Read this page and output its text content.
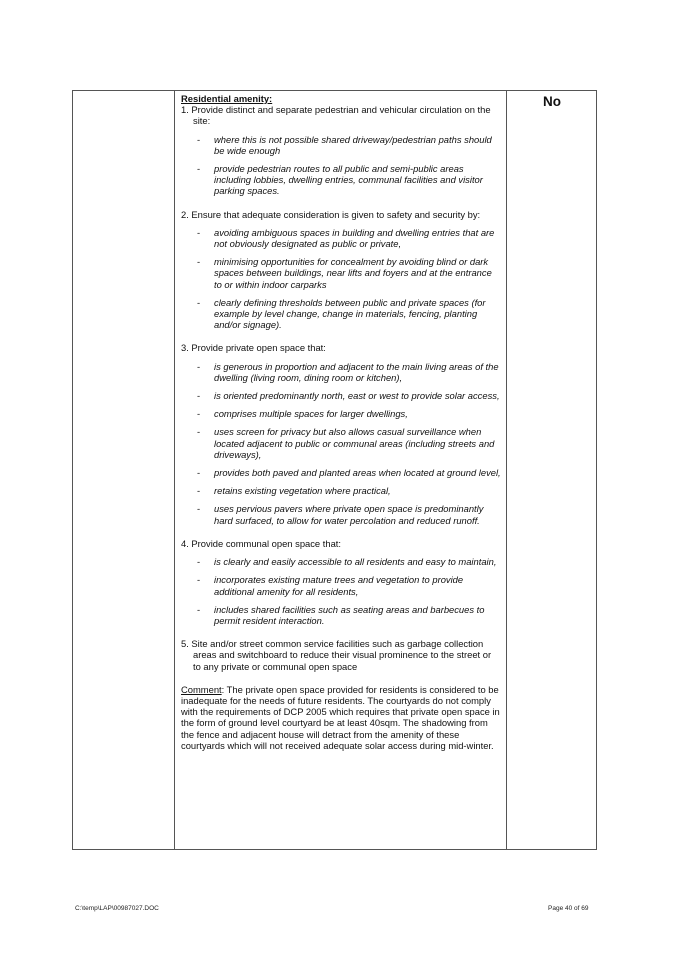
Residential amenity:

1. Provide distinct and separate pedestrian and vehicular circulation on the site:

- where this is not possible shared driveway/pedestrian paths should be wide enough
- provide pedestrian routes to all public and semi-public areas including lobbies, dwelling entries, communal facilities and visitor parking spaces.

2. Ensure that adequate consideration is given to safety and security by:

- avoiding ambiguous spaces in building and dwelling entries that are not obviously designated as public or private,
- minimising opportunities for concealment by avoiding blind or dark spaces between buildings, near lifts and foyers and at the entrance to or within indoor carparks
- clearly defining thresholds between public and private spaces (for example by level change, change in materials, fencing, planting and/or signage).

3. Provide private open space that:

- is generous in proportion and adjacent to the main living areas of the dwelling (living room, dining room or kitchen),
- is oriented predominantly north, east or west to provide solar access,
- comprises multiple spaces for larger dwellings,
- uses screen for privacy but also allows casual surveillance when located adjacent to public or communal areas (including streets and driveways),
- provides both paved and planted areas when located at ground level,
- retains existing vegetation where practical,
- uses pervious pavers where private open space is predominantly hard surfaced, to allow for water percolation and reduced runoff.

4. Provide communal open space that:

- is clearly and easily accessible to all residents and easy to maintain,
- incorporates existing mature trees and vegetation to provide additional amenity for all residents,
- includes shared facilities such as seating areas and barbecues to permit resident interaction.

5. Site and/or street common service facilities such as garbage collection areas and switchboard to reduce their visual prominence to the street or to any private or communal open space

Comment: The private open space provided for residents is considered to be inadequate for the needs of future residents. The courtyards do not comply with the requirements of DCP 2005 which requires that private open space in the form of ground level courtyard be at least 40sqm. The shadowing from the fence and adjacent house will detract from the amenity of these courtyards which will not received adequate solar access during mid-winter.

No
C:\temp\LAP\00987027.DOC	Page 40 of 69
